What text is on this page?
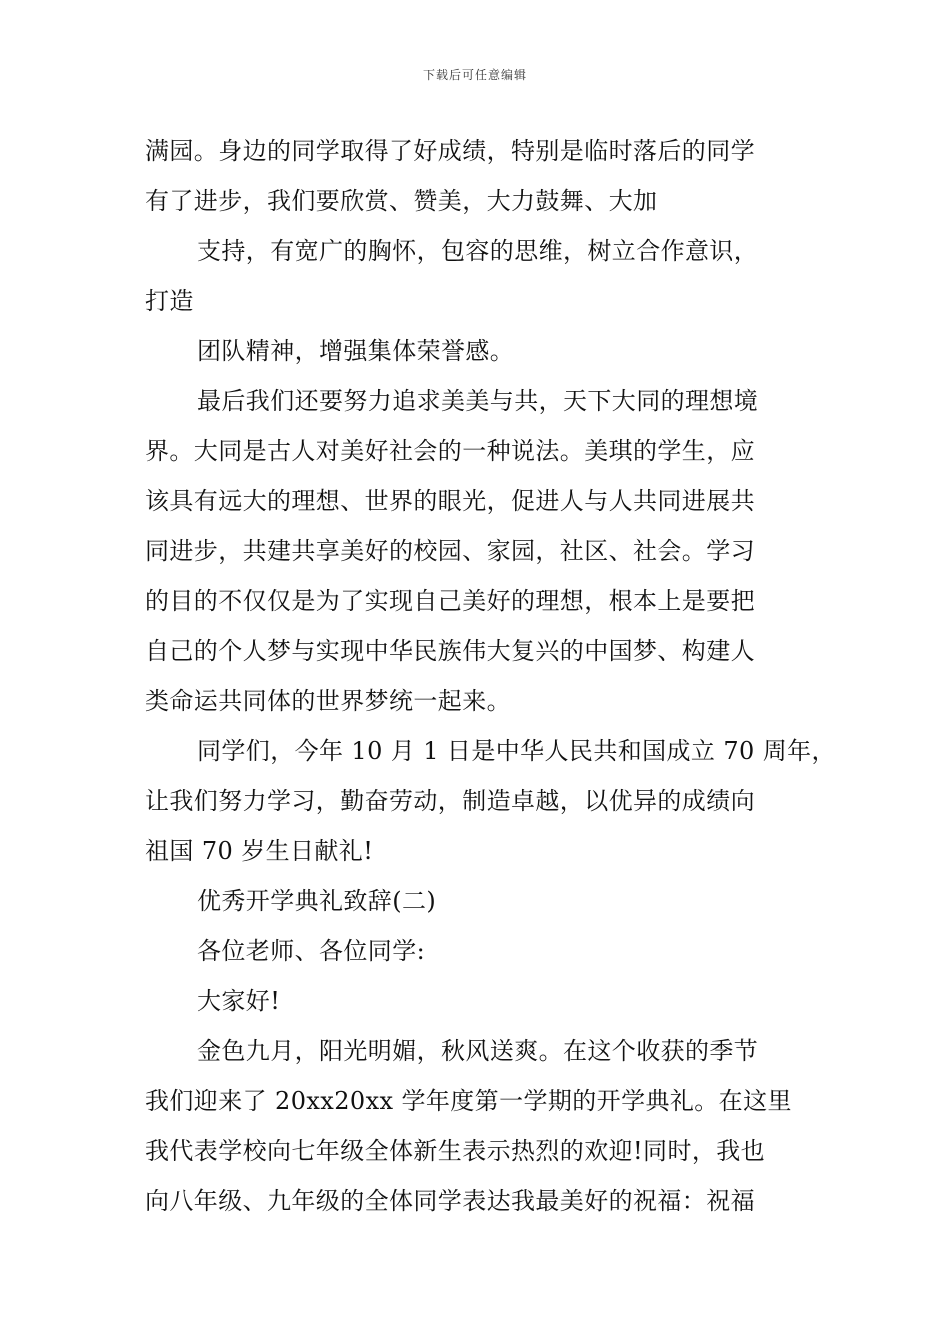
下载后可任意编辑
满园。身边的同学取得了好成绩，特别是临时落后的同学
有了进步，我们要欣赏、赞美，大力鼓舞、大加
支持，有宽广的胸怀，包容的思维，树立合作意识，
打造
团队精神，增强集体荣誉感。
最后我们还要努力追求美美与共，天下大同的理想境
界。大同是古人对美好社会的一种说法。美琪的学生，应
该具有远大的理想、世界的眼光，促进人与人共同进展共
同进步，共建共享美好的校园、家园，社区、社会。学习
的目的不仅仅是为了实现自己美好的理想，根本上是要把
自己的个人梦与实现中华民族伟大复兴的中国梦、构建人
类命运共同体的世界梦统一起来。
同学们，今年 10 月 1 日是中华人民共和国成立 70 周年，
让我们努力学习，勤奋劳动，制造卓越，以优异的成绩向
祖国 70 岁生日献礼!
优秀开学典礼致辞(二)
各位老师、各位同学:
大家好!
金色九月，阳光明媚，秋风送爽。在这个收获的季节
我们迎来了 20xx20xx 学年度第一学期的开学典礼。在这里
我代表学校向七年级全体新生表示热烈的欢迎!同时，我也
向八年级、九年级的全体同学表达我最美好的祝福：祝福
